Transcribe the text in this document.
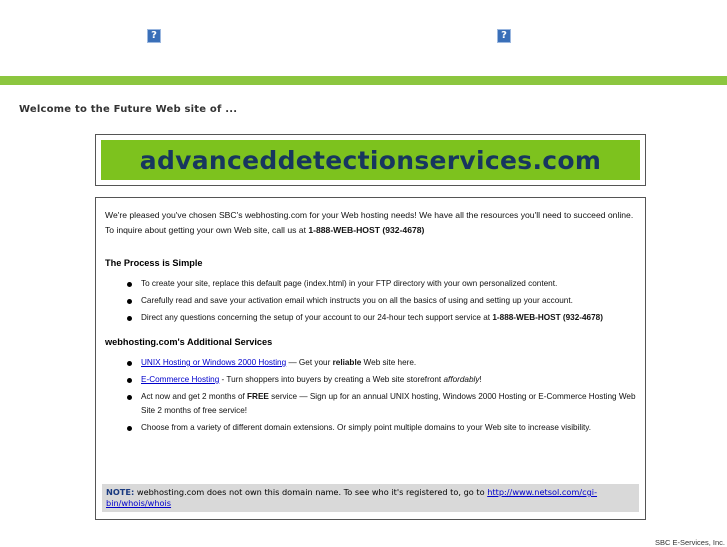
?	?
Welcome to the Future Web site of ...
advanceddetectionservices.com
We're pleased you've chosen SBC's webhosting.com for your Web hosting needs! We have all the resources you'll need to succeed online. To inquire about getting your own Web site, call us at 1-888-WEB-HOST (932-4678)
The Process is Simple
To create your site, replace this default page (index.html) in your FTP directory with your own personalized content.
Carefully read and save your activation email which instructs you on all the basics of using and setting up your account.
Direct any questions concerning the setup of your account to our 24-hour tech support service at 1-888-WEB-HOST (932-4678)
webhosting.com's Additional Services
UNIX Hosting or Windows 2000 Hosting — Get your reliable Web site here.
E-Commerce Hosting - Turn shoppers into buyers by creating a Web site storefront affordably!
Act now and get 2 months of FREE service — Sign up for an annual UNIX hosting, Windows 2000 Hosting or E-Commerce Hosting Web Site 2 months of free service!
Choose from a variety of different domain extensions. Or simply point multiple domains to your Web site to increase visibility.
NOTE: webhosting.com does not own this domain name. To see who it's registered to, go to http://www.netsol.com/cgi-bin/whois/whois
SBC E-Services, Inc.
